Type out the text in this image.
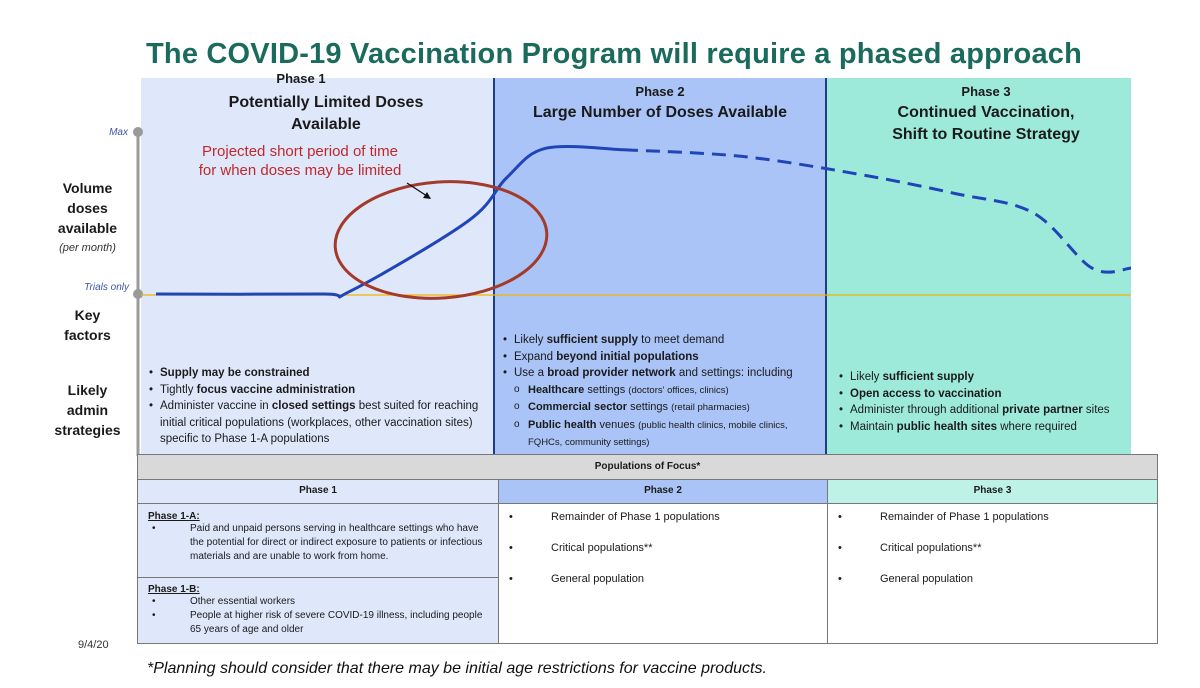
The COVID-19 Vaccination Program will require a phased approach
Phase 1
Potentially Limited Doses
Available
Phase 2
Large Number of Doses Available
Phase 3
Continued Vaccination,
Shift to Routine Strategy
Max
Trials only
Volume
doses
available
(per month)
Key
factors
Likely
admin
strategies
Projected short period of time
for when doses may be limited
• Supply may be constrained
• Tightly focus vaccine administration
• Administer vaccine in closed settings best suited for reaching initial critical populations (workplaces, other vaccination sites) specific to Phase 1-A populations
• Likely sufficient supply to meet demand
• Expand beyond initial populations
• Use a broad provider network and settings: including
o Healthcare settings (doctors' offices, clinics)
o Commercial sector settings (retail pharmacies)
o Public health venues (public health clinics, mobile clinics, FQHCs, community settings)
• Likely sufficient supply
• Open access to vaccination
• Administer through additional private partner sites
• Maintain public health sites where required
Populations of Focus*
Phase 1	Phase 2	Phase 3
Phase 1-A:
• Paid and unpaid persons serving in healthcare settings who have the potential for direct or indirect exposure to patients or infectious materials and are unable to work from home.
Phase 1-B:
• Other essential workers
• People at higher risk of severe COVID-19 illness, including people 65 years of age and older
• Remainder of Phase 1 populations
• Critical populations**
• General population
• Remainder of Phase 1 populations
• Critical populations**
• General population
9/4/20
*Planning should consider that there may be initial age restrictions for vaccine products.
